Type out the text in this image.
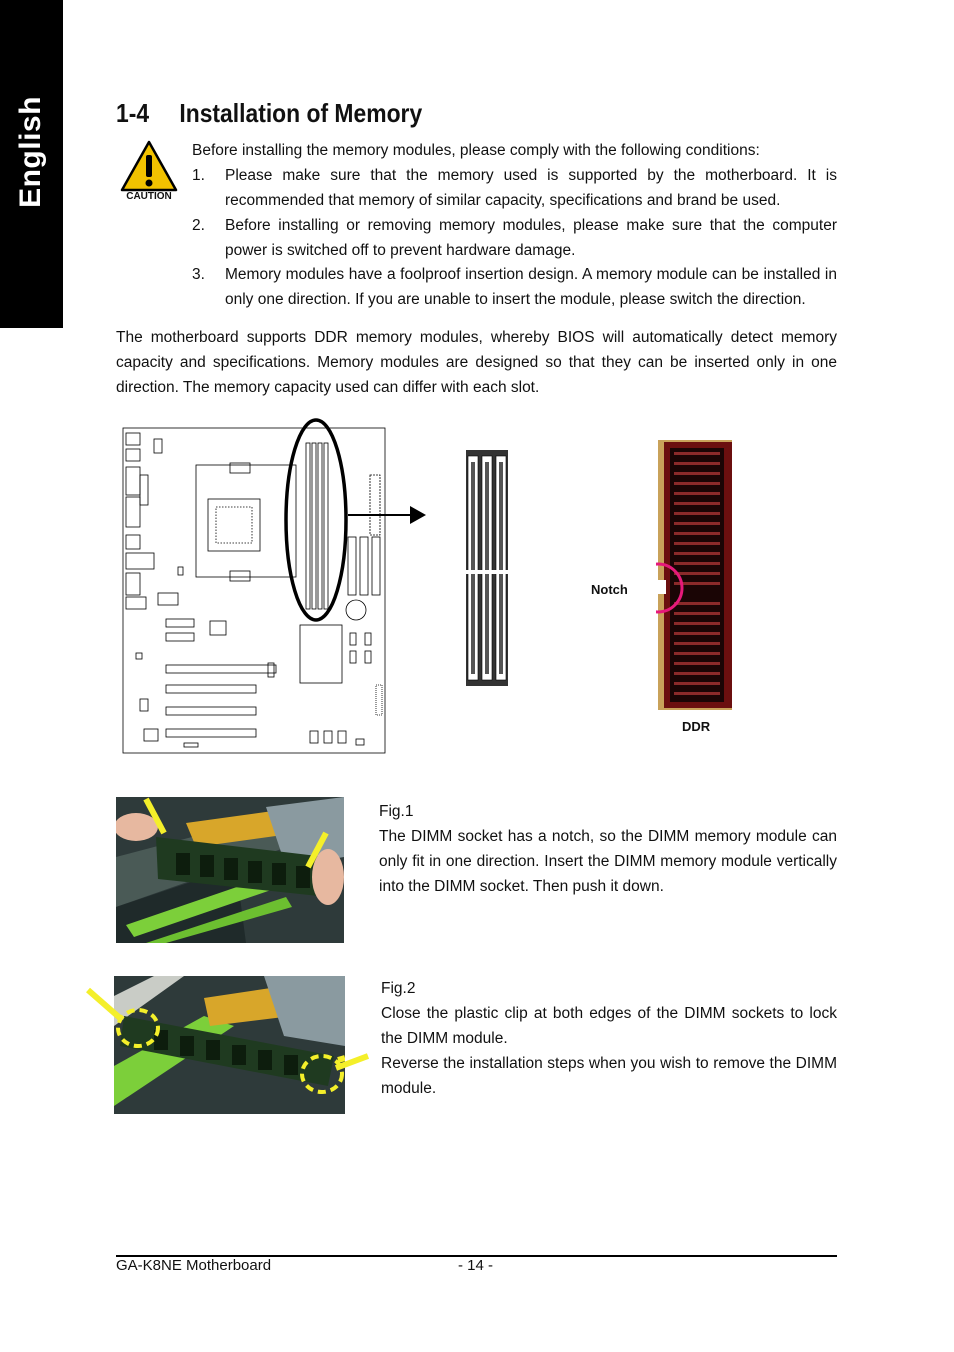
English	1-4 Installation of Memory
CAUTION
Before installing the memory modules, please comply with the following conditions:
1. Please make sure that the memory used is supported by the motherboard. It is recommended that memory of similar capacity, specifications and brand be used.
2. Before installing or removing memory modules, please make sure that the computer power is switched off to prevent hardware damage.
3. Memory modules have a foolproof insertion design. A memory module can be installed in only one direction. If you are unable to insert the module, please switch the direction.
The motherboard supports DDR memory modules, whereby BIOS will automatically detect memory capacity and specifications. Memory modules are designed so that they can be inserted only in one direction. The memory capacity used can differ with each slot.
Notch
DDR
Fig.1
The DIMM socket has a notch, so the DIMM memory module can only fit in one direction. Insert the DIMM memory module vertically into the DIMM socket. Then push it down.
Fig.2
Close the plastic clip at both edges of the DIMM sockets to lock the DIMM module.
Reverse the installation steps when you wish to remove the DIMM module.
GA-K8NE Motherboard	- 14 -
